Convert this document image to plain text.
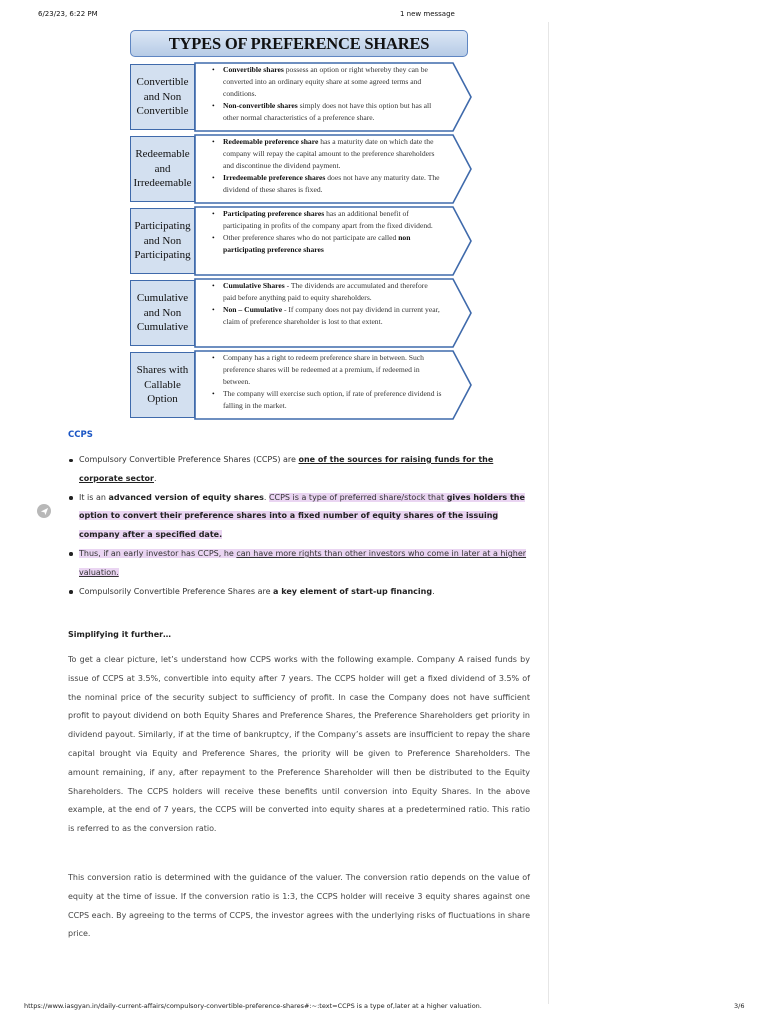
6/23/23, 6:22 PM	1 new message
TYPES OF PREFERENCE SHARES
Convertible and Non Convertible
• Convertible shares possess an option or right whereby they can be converted into an ordinary equity share at some agreed terms and conditions.
• Non-convertible shares simply does not have this option but has all other normal characteristics of a preference share.
Redeemable and Irredeemable
• Redeemable preference share has a maturity date on which date the company will repay the capital amount to the preference shareholders and discontinue the dividend payment.
• Irredeemable preference shares does not have any maturity date. The dividend of these shares is fixed.
Participating and Non Participating
• Participating preference shares has an additional benefit of participating in profits of the company apart from the fixed dividend.
• Other preference shares who do not participate are called non participating preference shares
Cumulative and Non Cumulative
• Cumulative Shares - The dividends are accumulated and therefore paid before anything paid to equity shareholders.
• Non – Cumulative - If company does not pay dividend in current year, claim of preference shareholder is lost to that extent.
Shares with Callable Option
• Company has a right to redeem preference share in between. Such preference shares will be redeemed at a premium, if redeemed in between.
• The company will exercise such option, if rate of preference dividend is falling in the market.
CCPS
Compulsory Convertible Preference Shares (CCPS) are one of the sources for raising funds for the corporate sector.
It is an advanced version of equity shares. CCPS is a type of preferred share/stock that gives holders the option to convert their preference shares into a fixed number of equity shares of the issuing company after a specified date.
Thus, if an early investor has CCPS, he can have more rights than other investors who come in later at a higher valuation.
Compulsorily Convertible Preference Shares are a key element of start-up financing.
Simplifying it further…

To get a clear picture, let’s understand how CCPS works with the following example. Company A raised funds by issue of CCPS at 3.5%, convertible into equity after 7 years. The CCPS holder will get a fixed dividend of 3.5% of the nominal price of the security subject to sufficiency of profit. In case the Company does not have sufficient profit to payout dividend on both Equity Shares and Preference Shares, the Preference Shareholders get priority in dividend payout. Similarly, if at the time of bankruptcy, if the Company’s assets are insufficient to repay the share capital brought via Equity and Preference Shares, the priority will be given to Preference Shareholders. The amount remaining, if any, after repayment to the Preference Shareholder will then be distributed to the Equity Shareholders. The CCPS holders will receive these benefits until conversion into Equity Shares. In the above example, at the end of 7 years, the CCPS will be converted into equity shares at a predetermined ratio. This ratio is referred to as the conversion ratio.

This conversion ratio is determined with the guidance of the valuer. The conversion ratio depends on the value of equity at the time of issue. If the conversion ratio is 1:3, the CCPS holder will receive 3 equity shares against one CCPS each. By agreeing to the terms of CCPS, the investor agrees with the underlying risks of fluctuations in share price.

https://www.iasgyan.in/daily-current-affairs/compulsory-convertible-preference-shares#:~:text=CCPS is a type of,later at a higher valuation.	3/6
